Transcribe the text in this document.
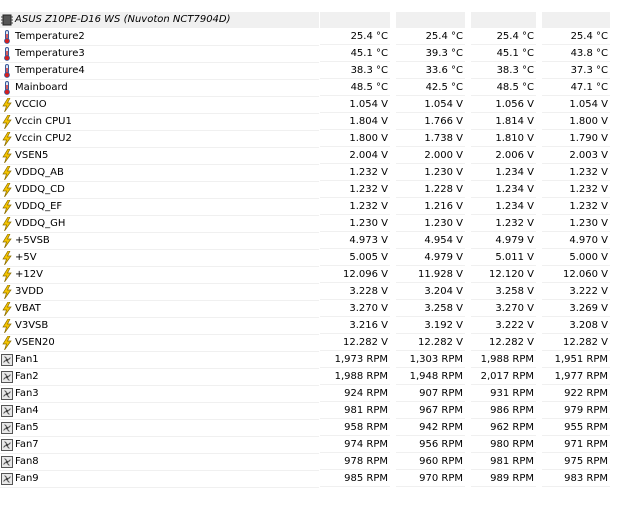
ASUS Z10PE-D16 WS (Nuvoton NCT7904D)
Temperature2	25.4 °C	25.4 °C	25.4 °C	25.4 °C
Temperature3	45.1 °C	39.3 °C	45.1 °C	43.8 °C
Temperature4	38.3 °C	33.6 °C	38.3 °C	37.3 °C
Mainboard	48.5 °C	42.5 °C	48.5 °C	47.1 °C
VCCIO	1.054 V	1.054 V	1.056 V	1.054 V
Vccin CPU1	1.804 V	1.766 V	1.814 V	1.800 V
Vccin CPU2	1.800 V	1.738 V	1.810 V	1.790 V
VSEN5	2.004 V	2.000 V	2.006 V	2.003 V
VDDQ_AB	1.232 V	1.230 V	1.234 V	1.232 V
VDDQ_CD	1.232 V	1.228 V	1.234 V	1.232 V
VDDQ_EF	1.232 V	1.216 V	1.234 V	1.232 V
VDDQ_GH	1.230 V	1.230 V	1.232 V	1.230 V
+5VSB	4.973 V	4.954 V	4.979 V	4.970 V
+5V	5.005 V	4.979 V	5.011 V	5.000 V
+12V	12.096 V	11.928 V	12.120 V	12.060 V
3VDD	3.228 V	3.204 V	3.258 V	3.222 V
VBAT	3.270 V	3.258 V	3.270 V	3.269 V
V3VSB	3.216 V	3.192 V	3.222 V	3.208 V
VSEN20	12.282 V	12.282 V	12.282 V	12.282 V
Fan1	1,973 RPM	1,303 RPM	1,988 RPM	1,951 RPM
Fan2	1,988 RPM	1,948 RPM	2,017 RPM	1,977 RPM
Fan3	924 RPM	907 RPM	931 RPM	922 RPM
Fan4	981 RPM	967 RPM	986 RPM	979 RPM
Fan5	958 RPM	942 RPM	962 RPM	955 RPM
Fan7	974 RPM	956 RPM	980 RPM	971 RPM
Fan8	978 RPM	960 RPM	981 RPM	975 RPM
Fan9	985 RPM	970 RPM	989 RPM	983 RPM
